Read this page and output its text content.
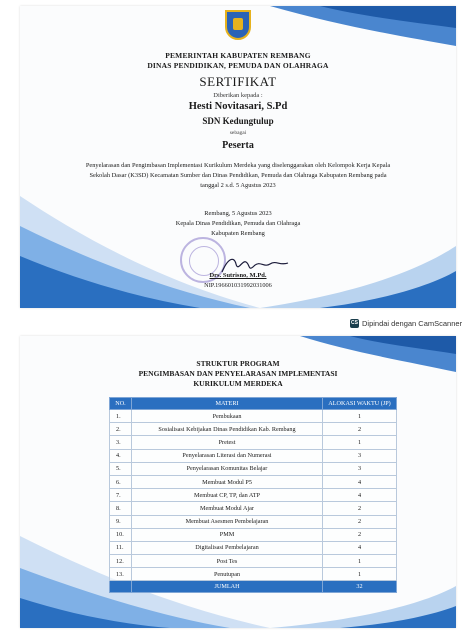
PEMERINTAH KABUPATEN REMBANG
DINAS PENDIDIKAN, PEMUDA DAN OLAHRAGA
SERTIFIKAT
Diberikan kepada :
Hesti Novitasari, S.Pd
SDN Kedungtulup
sebagai
Peserta
Penyelarasan dan Pengimbasan Implementasi Kurikulum Merdeka yang diselenggarakan oleh Kelompok Kerja Kepala Sekolah Dasar (K3SD) Kecamatan Sumber dan Dinas Pendidikan, Pemuda dan Olahraga Kabupaten Rembang pada tanggal 2 s.d. 5 Agustus 2023
Rembang, 5 Agustus 2023
Kepala Dinas Pendidikan, Pemuda dan Olahraga
Kabupaten Rembang
Drs. Sutrisno, M.Pd.
NIP.196601031992031006
CS Dipindai dengan CamScanner
STRUKTUR PROGRAM
PENGIMBASAN DAN PENYELARASAN IMPLEMENTASI
KURIKULUM MERDEKA
NO.	MATERI	ALOKASI WAKTU (JP)
1.	Pembukaan	1
2.	Sosialisasi Kebijakan Dinas Pendidikan Kab. Rembang	2
3.	Pretest	1
4.	Penyelarasan Literasi dan Numerasi	3
5.	Penyelarasan Komunitas Belajar	3
6.	Membuat Modul P5	4
7.	Membuat CP, TP, dan ATP	4
8.	Membuat Modul Ajar	2
9.	Membuat Asesmen Pembelajaran	2
10.	PMM	2
11.	Digitalisasi Pembelajaran	4
12.	Post Tes	1
13.	Penutupan	1
	JUMLAH	32
